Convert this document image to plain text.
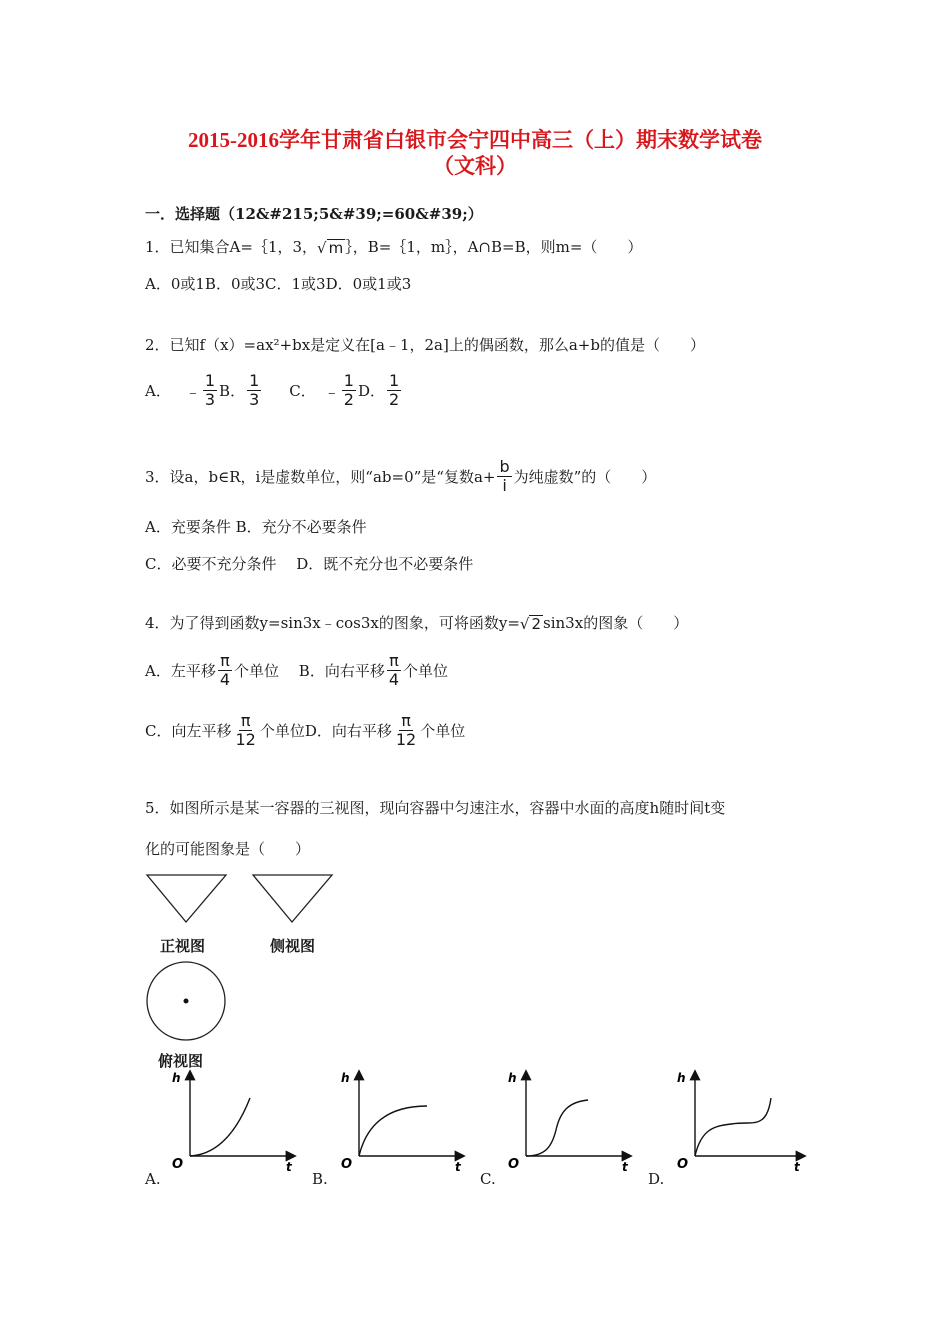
2015-2016学年甘肃省白银市会宁四中高三（上）期末数学试卷
（文科）
一．选择题（12&#215;5&#39;=60&#39;）
1．已知集合A=｛1，3，√ m ｝，B=｛1，m｝，A∩B=B，则m=（　　）
A．0或1B．0或3C．1或3D．0或1或3
2．已知f（x）=ax²+bx是定义在[a﹣1，2a]上的偶函数，那么a+b的值是（　　）
A． ﹣ $\frac{1}{3}$ B． $\frac{1}{3}$ C． ﹣ $\frac{1}{2}$ D． $\frac{1}{2}$
3．设a，b∈R，i是虚数单位，则“ab=0”是“复数$a+ \frac{b}{i}$ 为纯虚数”的（　　）
A．充要条件 B．充分不必要条件
C．必要不充分条件　 D．既不充分也不必要条件
4．为了得到函数y=sin3x﹣cos3x的图象，可将函数y=√ 2 sin3x的图象（　　）
A．左平移 $\frac{\pi}{4}$ 个单位　 B．向右平移 $\frac{\pi}{4}$ 个单位
C．向左平移 $\frac{\pi}{12}$ 个单位D．向右平移 $\frac{\pi}{12}$ 个单位
5．如图所示是某一容器的三视图，现向容器中匀速注水，容器中水面的高度h随时间t变
化的可能图象是（　　）
正视图	侧视图
俯视图
h
O	t
A.
h
O	t
B.
h
O	t
C.
h
O	t
D.
